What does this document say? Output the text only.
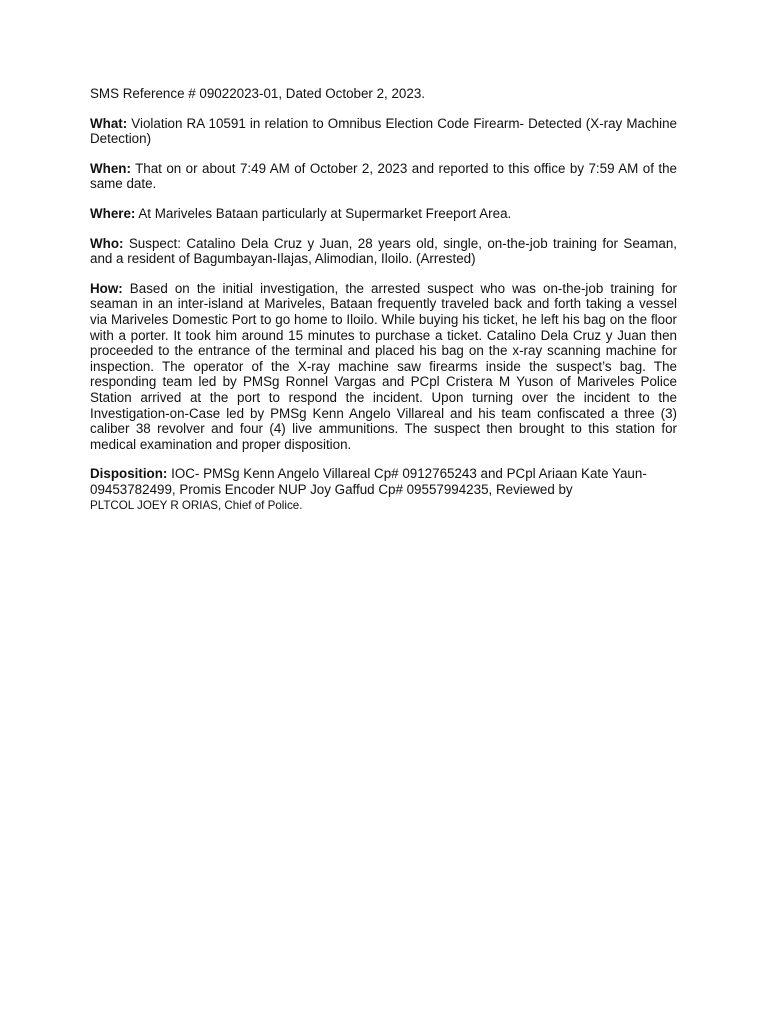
SMS Reference # 09022023-01, Dated October 2, 2023.

What: Violation RA 10591 in relation to Omnibus Election Code Firearm- Detected (X-ray Machine Detection)

When: That on or about 7:49 AM of October 2, 2023 and reported to this office by 7:59 AM of the same date.

Where: At Mariveles Bataan particularly at Supermarket Freeport Area.

Who: Suspect: Catalino Dela Cruz y Juan, 28 years old, single, on-the-job training for Seaman, and a resident of Bagumbayan-Ilajas, Alimodian, Iloilo. (Arrested)

How: Based on the initial investigation, the arrested suspect who was on-the-job training for seaman in an inter-island at Mariveles, Bataan frequently traveled back and forth taking a vessel via Mariveles Domestic Port to go home to Iloilo. While buying his ticket, he left his bag on the floor with a porter. It took him around 15 minutes to purchase a ticket. Catalino Dela Cruz y Juan then proceeded to the entrance of the terminal and placed his bag on the x-ray scanning machine for inspection. The operator of the X-ray machine saw firearms inside the suspect’s bag. The responding team led by PMSg Ronnel Vargas and PCpl Cristera M Yuson of Mariveles Police Station arrived at the port to respond the incident. Upon turning over the incident to the Investigation-on-Case led by PMSg Kenn Angelo Villareal and his team confiscated a three (3) caliber 38 revolver and four (4) live ammunitions. The suspect then brought to this station for medical examination and proper disposition.

Disposition: IOC- PMSg Kenn Angelo Villareal Cp# 0912765243 and PCpl Ariaan Kate Yaun- 09453782499, Promis Encoder NUP Joy Gaffud Cp# 09557994235, Reviewed by
PLTCOL JOEY R ORIAS, Chief of Police.
